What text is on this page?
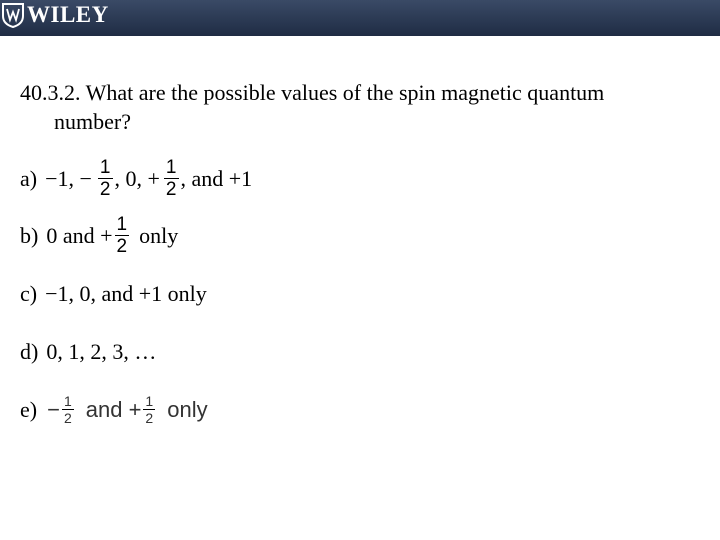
WILEY
40.3.2. What are the possible values of the spin magnetic quantum
number?
a) −1, − $\frac{1}{2}$ , 0, + $\frac{1}{2}$ , and +1
b) 0 and + $\frac{1}{2}$ only
c) −1, 0, and +1 only
d) 0, 1, 2, 3, …
$e) - \frac{1}{2}$ and + $\frac{1}{2}$ only
